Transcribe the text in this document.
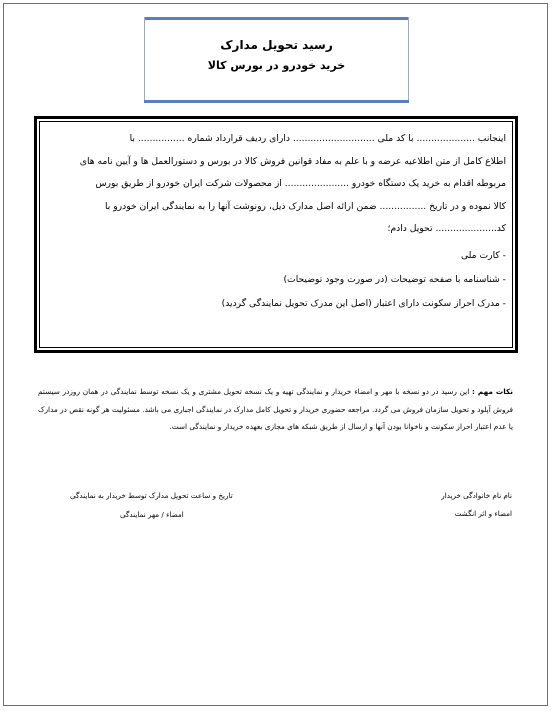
رسید تحویل مدارک
خرید خودرو در بورس کالا

اینجانب .................... با کد ملی ............................ دارای ردیف قرارداد شماره ................ با

اطلاع کامل از متن اطلاعیه عرضه و با علم به مفاد قوانین فروش کالا در بورس و دستورالعمل ها و آیین نامه های

مربوطه اقدام به خرید یک دستگاه خودرو ...................... از محصولات شرکت ایران خودرو از طریق بورس

کالا نموده و در تاریخ ................ ضمن ارائه اصل مدارک ذیل، رونوشت آنها را به نمایندگی ایران خودرو با

کد..................... تحویل دادم؛

- کارت ملی
- شناسنامه با صفحه توضیحات (در صورت وجود توضیحات)
- مدرک احراز سکونت دارای اعتبار (اصل این مدرک تحویل نمایندگی گردید)
نکات مهم : این رسید در دو نسخه با مهر و امضاء خریدار و نمایندگی تهیه و یک نسخه تحویل مشتری و یک نسخه توسط نمایندگی در همان روزدر سیستم فروش آپلود و تحویل سازمان فروش می گردد. مراجعه حضوری خریدار و تحویل کامل مدارک در نمایندگی اجباری می باشد. مسئولیت هر گونه نقص در مدارک یا عدم اعتبار احراز سکونت و ناخوانا بودن آنها و ارسال از طریق شبکه های مجازی بعهده خریدار و نمایندگی است.
نام نام خانوادگی خریدار
امضاء و اثر انگشت
تاریخ و ساعت تحویل مدارک توسط خریدار به نمایندگی
امضاء / مهر نمایندگی
